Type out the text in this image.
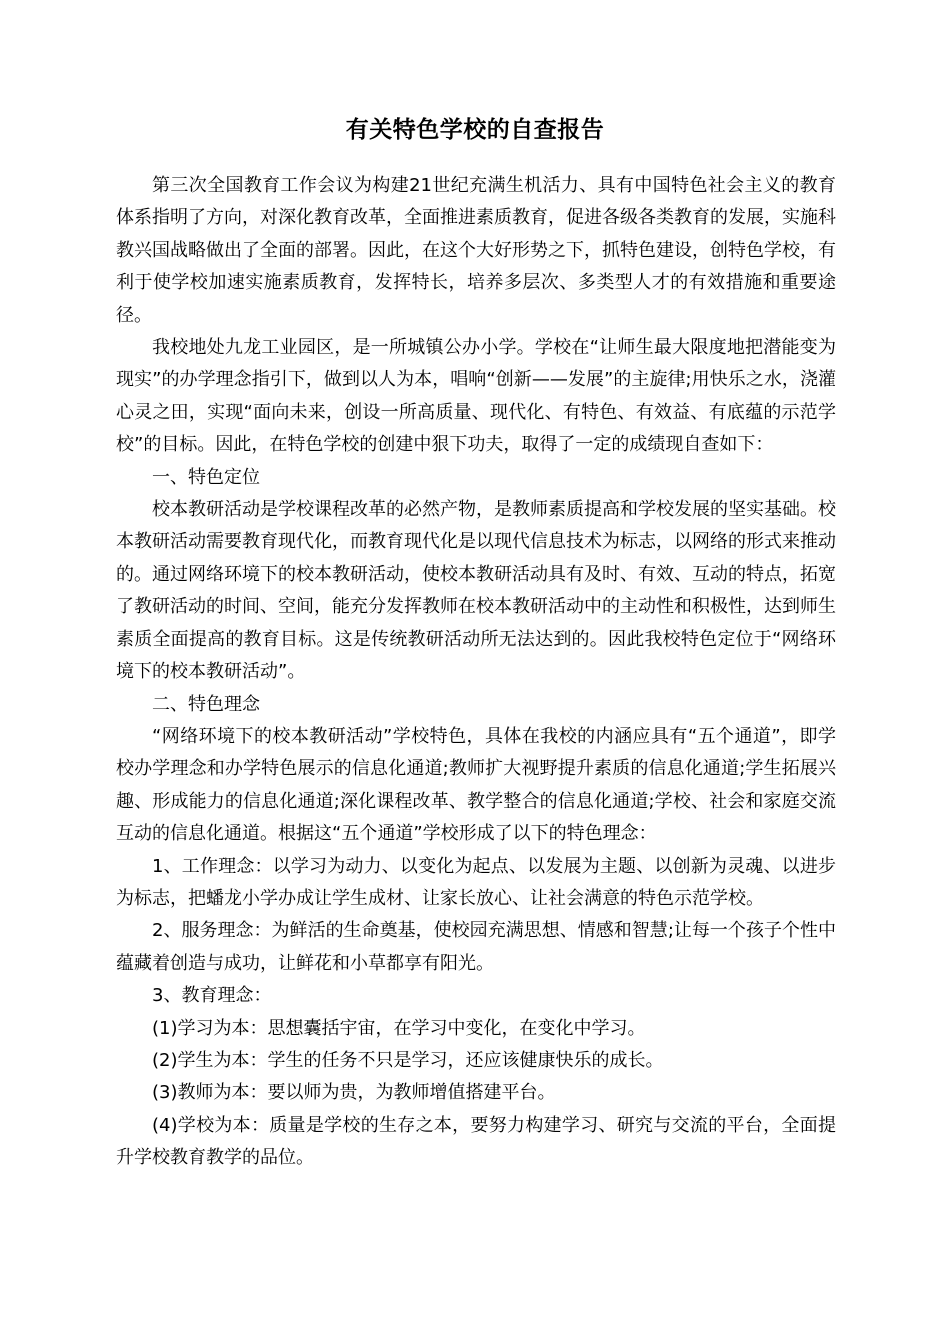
有关特色学校的自查报告

第三次全国教育工作会议为构建21世纪充满生机活力、具有中国特色社会主义的教育体系指明了方向，对深化教育改革，全面推进素质教育，促进各级各类教育的发展，实施科教兴国战略做出了全面的部署。因此，在这个大好形势之下，抓特色建设，创特色学校，有利于使学校加速实施素质教育，发挥特长，培养多层次、多类型人才的有效措施和重要途径。

我校地处九龙工业园区，是一所城镇公办小学。学校在“让师生最大限度地把潜能变为现实”的办学理念指引下，做到以人为本，唱响“创新——发展”的主旋律;用快乐之水，浇灌心灵之田，实现“面向未来，创设一所高质量、现代化、有特色、有效益、有底蕴的示范学校”的目标。因此，在特色学校的创建中狠下功夫，取得了一定的成绩现自查如下：

一、特色定位

校本教研活动是学校课程改革的必然产物，是教师素质提高和学校发展的坚实基础。校本教研活动需要教育现代化，而教育现代化是以现代信息技术为标志，以网络的形式来推动的。通过网络环境下的校本教研活动，使校本教研活动具有及时、有效、互动的特点，拓宽了教研活动的时间、空间，能充分发挥教师在校本教研活动中的主动性和积极性，达到师生素质全面提高的教育目标。这是传统教研活动所无法达到的。因此我校特色定位于“网络环境下的校本教研活动”。

二、特色理念

“网络环境下的校本教研活动”学校特色，具体在我校的内涵应具有“五个通道”，即学校办学理念和办学特色展示的信息化通道;教师扩大视野提升素质的信息化通道;学生拓展兴趣、形成能力的信息化通道;深化课程改革、教学整合的信息化通道;学校、社会和家庭交流互动的信息化通道。根据这“五个通道”学校形成了以下的特色理念：

1、工作理念：以学习为动力、以变化为起点、以发展为主题、以创新为灵魂、以进步为标志，把蟠龙小学办成让学生成材、让家长放心、让社会满意的特色示范学校。

2、服务理念：为鲜活的生命奠基，使校园充满思想、情感和智慧;让每一个孩子个性中蕴藏着创造与成功，让鲜花和小草都享有阳光。

3、教育理念：

(1)学习为本：思想囊括宇宙，在学习中变化，在变化中学习。

(2)学生为本：学生的任务不只是学习，还应该健康快乐的成长。

(3)教师为本：要以师为贵，为教师增值搭建平台。

(4)学校为本：质量是学校的生存之本，要努力构建学习、研究与交流的平台，全面提升学校教育教学的品位。
